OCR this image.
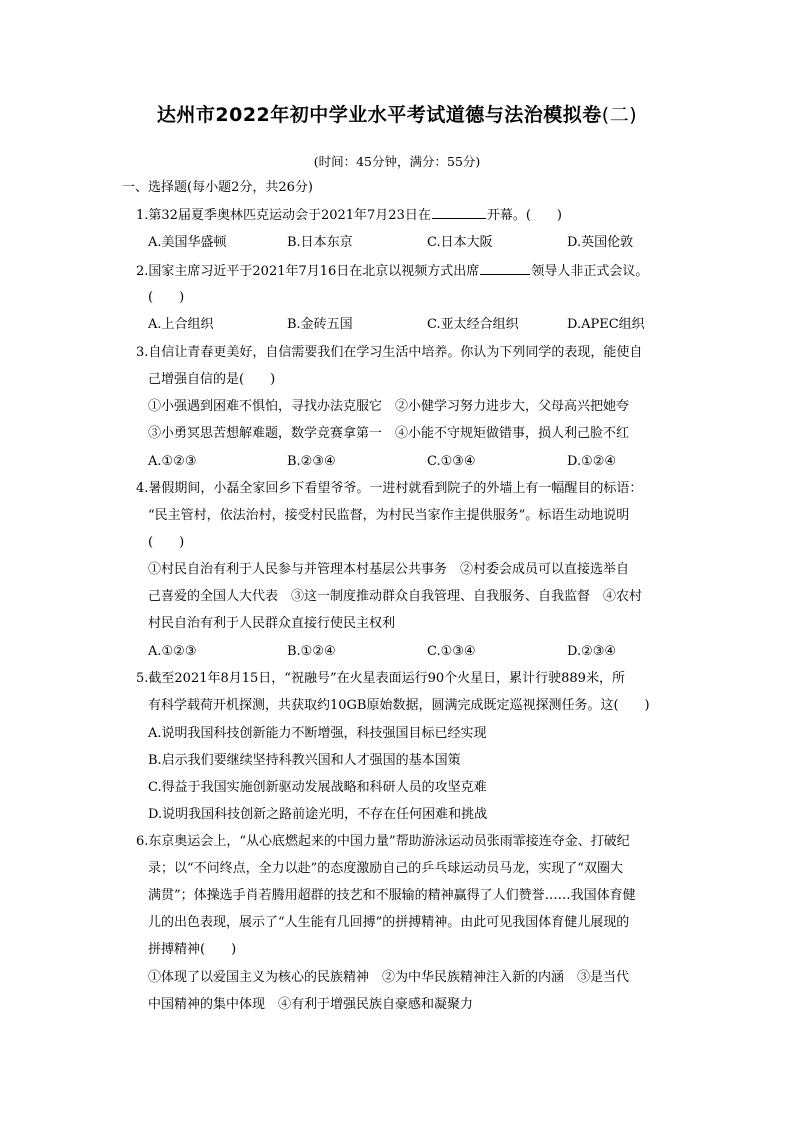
达州市2022年初中学业水平考试道德与法治模拟卷(二)
(时间：45分钟，满分：55分)
一、选择题(每小题2分，共26分)
1.第32届夏季奥林匹克运动会于2021年7月23日在	开幕。(　　)
A.美国华盛顿	B.日本东京	C.日本大阪	D.英国伦敦
2.国家主席习近平于2021年7月16日在北京以视频方式出席	领导人非正式会议。
(　　)
A.上合组织	B.金砖五国	C.亚太经合组织	D.APEC组织
3.自信让青春更美好，自信需要我们在学习生活中培养。你认为下列同学的表现，能使自
己增强自信的是(　　)
①小强遇到困难不惧怕，寻找办法克服它　②小健学习努力进步大，父母高兴把她夸
③小勇冥思苦想解难题，数学竞赛拿第一　④小能不守规矩做错事，损人利己脸不红
A.①②③	B.②③④	C.①③④	D.①②④
4.暑假期间，小磊全家回乡下看望爷爷。一进村就看到院子的外墙上有一幅醒目的标语：
“民主管村，依法治村，接受村民监督，为村民当家作主提供服务”。标语生动地说明
(　　)
①村民自治有利于人民参与并管理本村基层公共事务　②村委会成员可以直接选举自
己喜爱的全国人大代表　③这一制度推动群众自我管理、自我服务、自我监督　④农村
村民自治有利于人民群众直接行使民主权利
A.①②③	B.①②④	C.①③④	D.②③④
5.截至2021年8月15日，“祝融号”在火星表面运行90个火星日，累计行驶889米，所
有科学载荷开机探测，共获取约10GB原始数据，圆满完成既定巡视探测任务。这(　　)
A.说明我国科技创新能力不断增强，科技强国目标已经实现
B.启示我们要继续坚持科教兴国和人才强国的基本国策
C.得益于我国实施创新驱动发展战略和科研人员的攻坚克难
D.说明我国科技创新之路前途光明，不存在任何困难和挑战
6.东京奥运会上，“从心底燃起来的中国力量”帮助游泳运动员张雨霏接连夺金、打破纪
录；以“不问终点，全力以赴”的态度激励自己的乒乓球运动员马龙，实现了“双圈大
满贯”；体操选手肖若腾用超群的技艺和不服输的精神赢得了人们赞誉……我国体育健
儿的出色表现，展示了“人生能有几回搏”的拼搏精神。由此可见我国体育健儿展现的
拼搏精神(　　)
①体现了以爱国主义为核心的民族精神　②为中华民族精神注入新的内涵　③是当代
中国精神的集中体现　④有利于增强民族自豪感和凝聚力
